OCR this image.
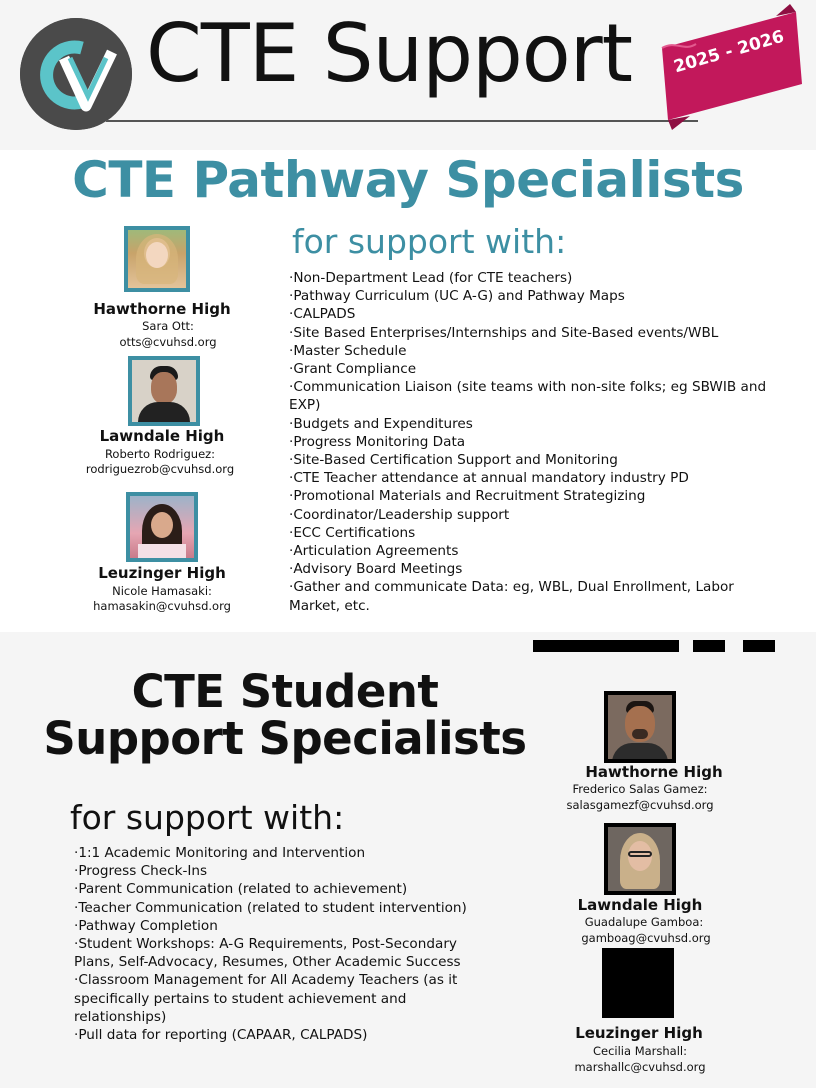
CTE Support	2025 - 2026
CTE Pathway Specialists
for support with:
Hawthorne High
Sara Ott:
otts@cvuhsd.org
Lawndale High
Roberto Rodriguez:
rodriguezrob@cvuhsd.org
Leuzinger High
Nicole Hamasaki:
hamasakin@cvuhsd.org
·Non-Department Lead (for CTE teachers)
·Pathway Curriculum (UC A-G) and Pathway Maps
·CALPADS
·Site Based Enterprises/Internships and Site-Based events/WBL
·Master Schedule
·Grant Compliance
·Communication Liaison (site teams with non-site folks; eg SBWIB and EXP)
·Budgets and Expenditures
·Progress Monitoring Data
·Site-Based Certification Support and Monitoring
·CTE Teacher attendance at annual mandatory industry PD
·Promotional Materials and Recruitment Strategizing
·Coordinator/Leadership support
·ECC Certifications
·Articulation Agreements
·Advisory Board Meetings
·Gather and communicate Data: eg, WBL, Dual Enrollment, Labor Market, etc.
CTE Student
Support Specialists
for support with:
·1:1 Academic Monitoring and Intervention
·Progress Check-Ins
·Parent Communication (related to achievement)
·Teacher Communication (related to student intervention)
·Pathway Completion
·Student Workshops: A-G Requirements, Post-Secondary Plans, Self-Advocacy, Resumes, Other Academic Success
·Classroom Management for All Academy Teachers (as it specifically pertains to student achievement and relationships)
·Pull data for reporting (CAPAAR, CALPADS)
Hawthorne High
Frederico Salas Gamez:
salasgamezf@cvuhsd.org
Lawndale High
Guadalupe Gamboa:
gamboag@cvuhsd.org
Leuzinger High
Cecilia Marshall:
marshallc@cvuhsd.org
